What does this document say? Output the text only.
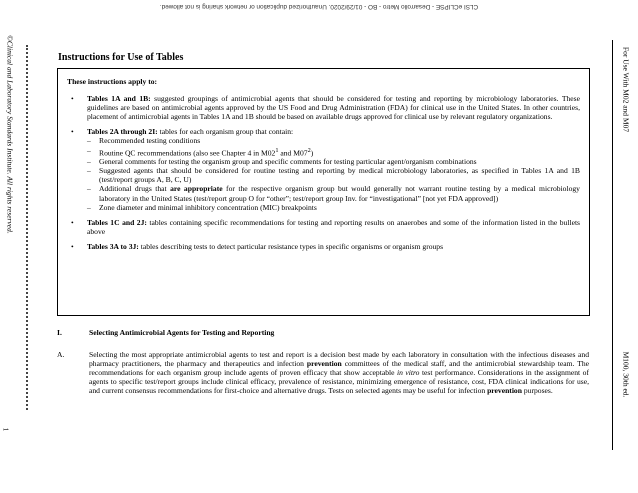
CLSI eCLIPSE - Desarrollo Metro - BO - 01/29/2020. Unauthorized duplication or network sharing is not allowed.
©Clinical and Laboratory Standards Institute. All rights reserved.
1
For Use With M02 and M07
M100, 30th ed.
Instructions for Use of Tables
These instructions apply to:
• Tables 1A and 1B: suggested groupings of antimicrobial agents that should be considered for testing and reporting by microbiology laboratories. These guidelines are based on antimicrobial agents approved by the US Food and Drug Administration (FDA) for clinical use in the United States. In other countries, placement of antimicrobial agents in Tables 1A and 1B should be based on available drugs approved for clinical use by relevant regulatory organizations.
• Tables 2A through 2I: tables for each organism group that contain:
– Recommended testing conditions
– Routine QC recommendations (also see Chapter 4 in $M02^1$ and $M07^2$)
– General comments for testing the organism group and specific comments for testing particular agent/organism combinations
– Suggested agents that should be considered for routine testing and reporting by medical microbiology laboratories, as specified in Tables 1A and 1B (test/report groups A, B, C, U)
– Additional drugs that are appropriate for the respective organism group but would generally not warrant routine testing by a medical microbiology laboratory in the United States (test/report group O for “other”; test/report group Inv. for “investigational” [not yet FDA approved])
– Zone diameter and minimal inhibitory concentration (MIC) breakpoints
• Tables 1C and 2J: tables containing specific recommendations for testing and reporting results on anaerobes and some of the information listed in the bullets above
• Tables 3A to 3J: tables describing tests to detect particular resistance types in specific organisms or organism groups
I.	Selecting Antimicrobial Agents for Testing and Reporting
A.	Selecting the most appropriate antimicrobial agents to test and report is a decision best made by each laboratory in consultation with the infectious diseases and pharmacy practitioners, the pharmacy and therapeutics and infection prevention committees of the medical staff, and the antimicrobial stewardship team. The recommendations for each organism group include agents of proven efficacy that show acceptable in vitro test performance. Considerations in the assignment of agents to specific test/report groups include clinical efficacy, prevalence of resistance, minimizing emergence of resistance, cost, FDA clinical indications for use, and current consensus recommendations for first-choice and alternative drugs. Tests on selected agents may be useful for infection prevention purposes.
